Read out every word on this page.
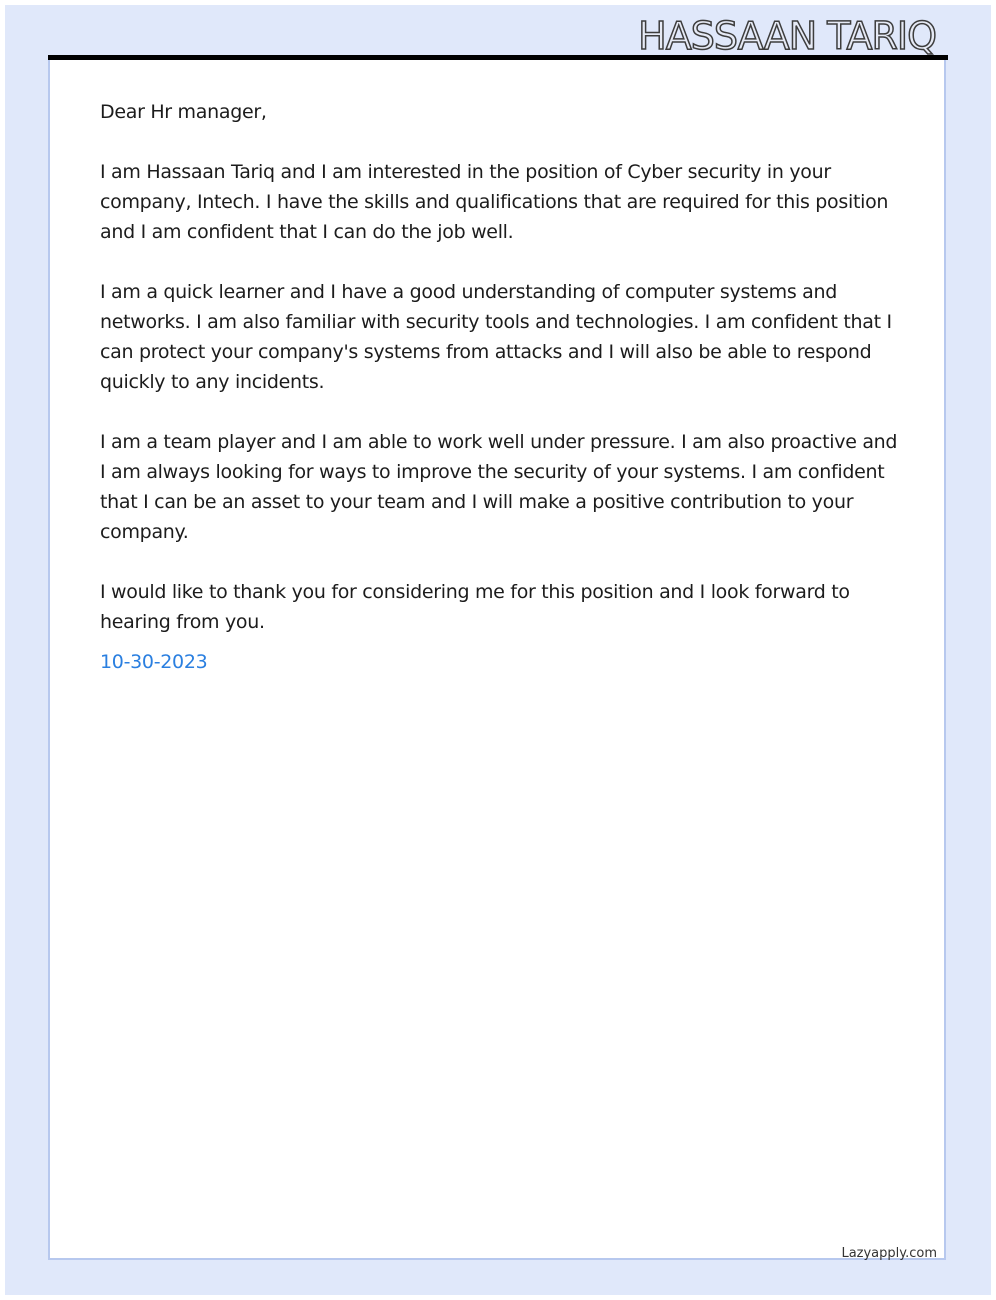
HASSAAN TARIQ

Dear Hr manager,

I am Hassaan Tariq and I am interested in the position of Cyber security in your company, Intech. I have the skills and qualifications that are required for this position and I am confident that I can do the job well.

I am a quick learner and I have a good understanding of computer systems and networks. I am also familiar with security tools and technologies. I am confident that I can protect your company's systems from attacks and I will also be able to respond quickly to any incidents.

I am a team player and I am able to work well under pressure. I am also proactive and I am always looking for ways to improve the security of your systems. I am confident that I can be an asset to your team and I will make a positive contribution to your company.

I would like to thank you for considering me for this position and I look forward to hearing from you.

10-30-2023

Lazyapply.com
